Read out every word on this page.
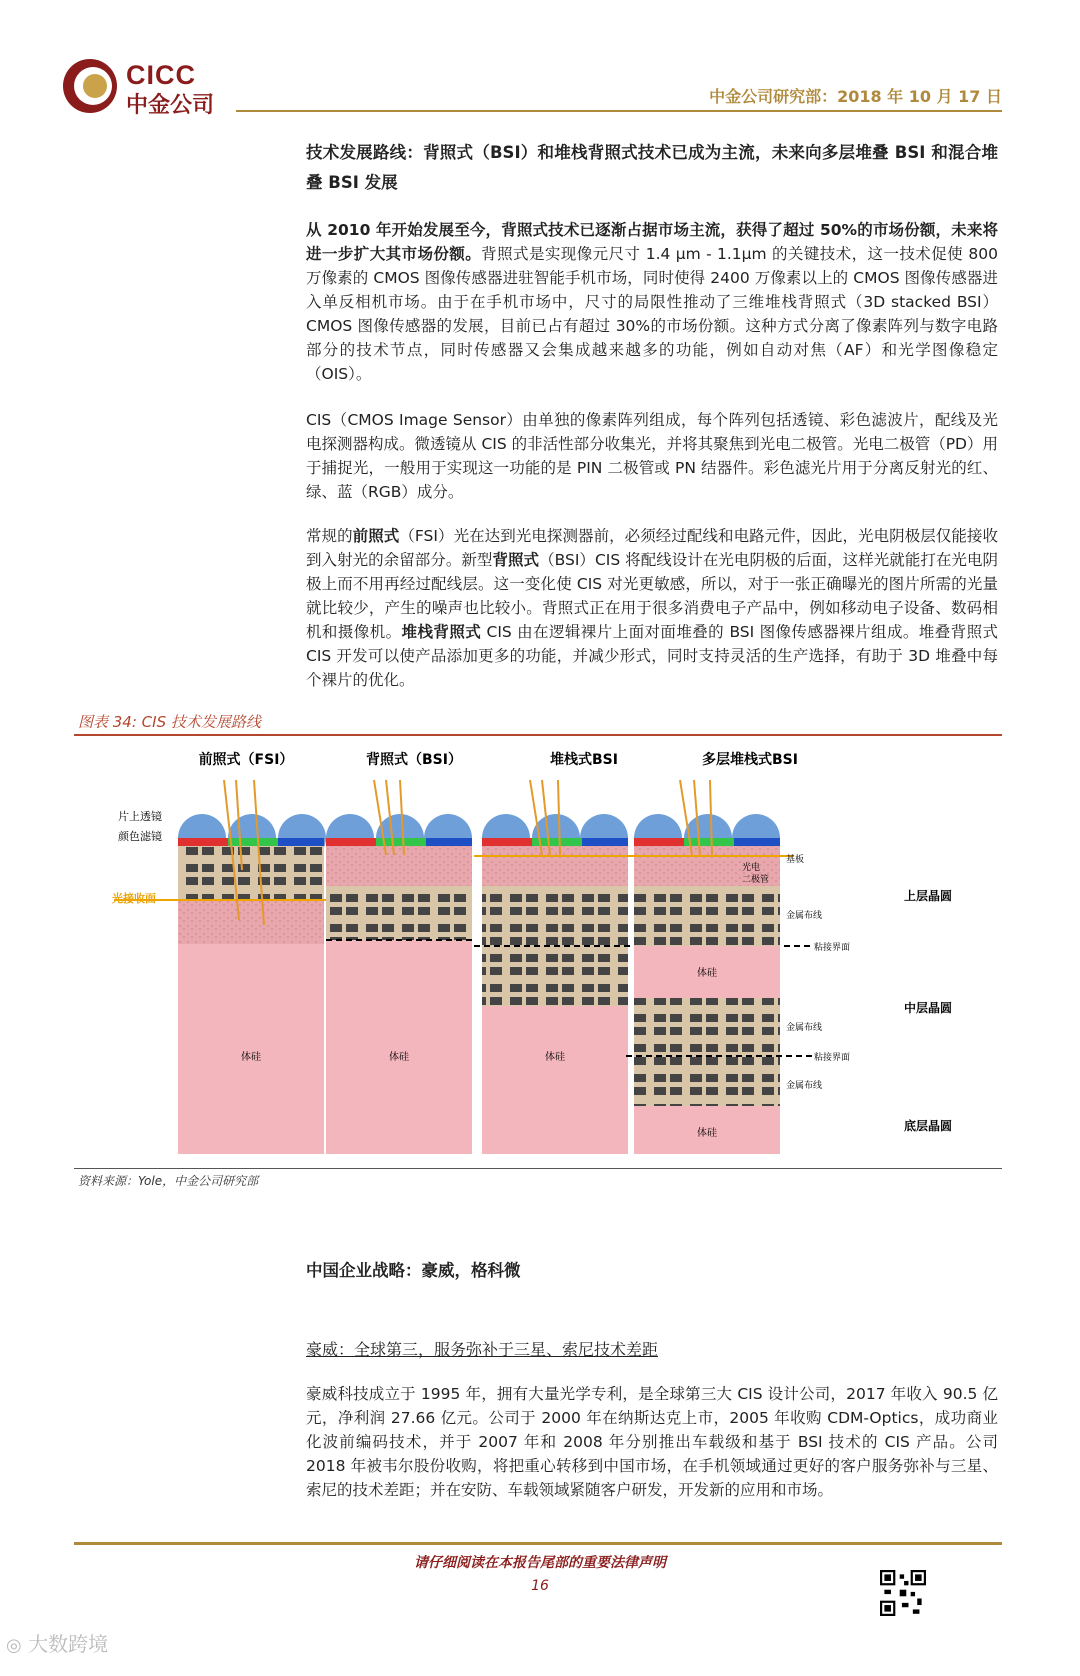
CICC
中金公司	中金公司研究部：2018 年 10 月 17 日
技术发展路线：背照式（BSI）和堆栈背照式技术已成为主流，未来向多层堆叠 BSI 和混合堆叠 BSI 发展
从 2010 年开始发展至今，背照式技术已逐渐占据市场主流，获得了超过 50%的市场份额，未来将进一步扩大其市场份额。背照式是实现像元尺寸 1.4 µm - 1.1µm 的关键技术，这一技术促使 800 万像素的 CMOS 图像传感器进驻智能手机市场，同时使得 2400 万像素以上的 CMOS 图像传感器进入单反相机市场。由于在手机市场中，尺寸的局限性推动了三维堆栈背照式（3D stacked BSI） CMOS 图像传感器的发展，目前已占有超过 30%的市场份额。这种方式分离了像素阵列与数字电路部分的技术节点，同时传感器又会集成越来越多的功能，例如自动对焦（AF）和光学图像稳定（OIS）。
CIS（CMOS Image Sensor）由单独的像素阵列组成，每个阵列包括透镜、彩色滤波片，配线及光电探测器构成。微透镜从 CIS 的非活性部分收集光，并将其聚焦到光电二极管。光电二极管（PD）用于捕捉光，一般用于实现这一功能的是 PIN 二极管或 PN 结器件。彩色滤光片用于分离反射光的红、绿、蓝（RGB）成分。
常规的前照式（FSI）光在达到光电探测器前，必须经过配线和电路元件，因此，光电阴极层仅能接收到入射光的余留部分。新型背照式（BSI）CIS 将配线设计在光电阴极的后面，这样光就能打在光电阴极上而不用再经过配线层。这一变化使 CIS 对光更敏感，所以，对于一张正确曝光的图片所需的光量就比较少，产生的噪声也比较小。背照式正在用于很多消费电子产品中，例如移动电子设备、数码相机和摄像机。堆栈背照式 CIS 由在逻辑裸片上面对面堆叠的 BSI 图像传感器裸片组成。堆叠背照式 CIS 开发可以使产品添加更多的功能，并减少形式，同时支持灵活的生产选择，有助于 3D 堆叠中每个裸片的优化。
图表 34: CIS 技术发展路线
前照式（FSI）	背照式（BSI）	堆栈式BSI	多层堆栈式BSI
片上透镜
颜色滤镜
光接收面
体硅	体硅	体硅
体硅
体硅
光电
二极管
基板
金属布线
粘接界面
金属布线
粘接界面
金属布线
上层晶圆
中层晶圆
底层晶圆
资料来源：Yole，中金公司研究部
中国企业战略：豪威，格科微
豪威：全球第三，服务弥补于三星、索尼技术差距
豪威科技成立于 1995 年，拥有大量光学专利，是全球第三大 CIS 设计公司，2017 年收入 90.5 亿元，净利润 27.66 亿元。公司于 2000 年在纳斯达克上市，2005 年收购 CDM-Optics，成功商业化波前编码技术，并于 2007 年和 2008 年分别推出车载级和基于 BSI 技术的 CIS 产品。公司 2018 年被韦尔股份收购，将把重心转移到中国市场，在手机领域通过更好的客户服务弥补与三星、索尼的技术差距；并在安防、车载领域紧随客户研发，开发新的应用和市场。
请仔细阅读在本报告尾部的重要法律声明
16
◎ 大数跨境
